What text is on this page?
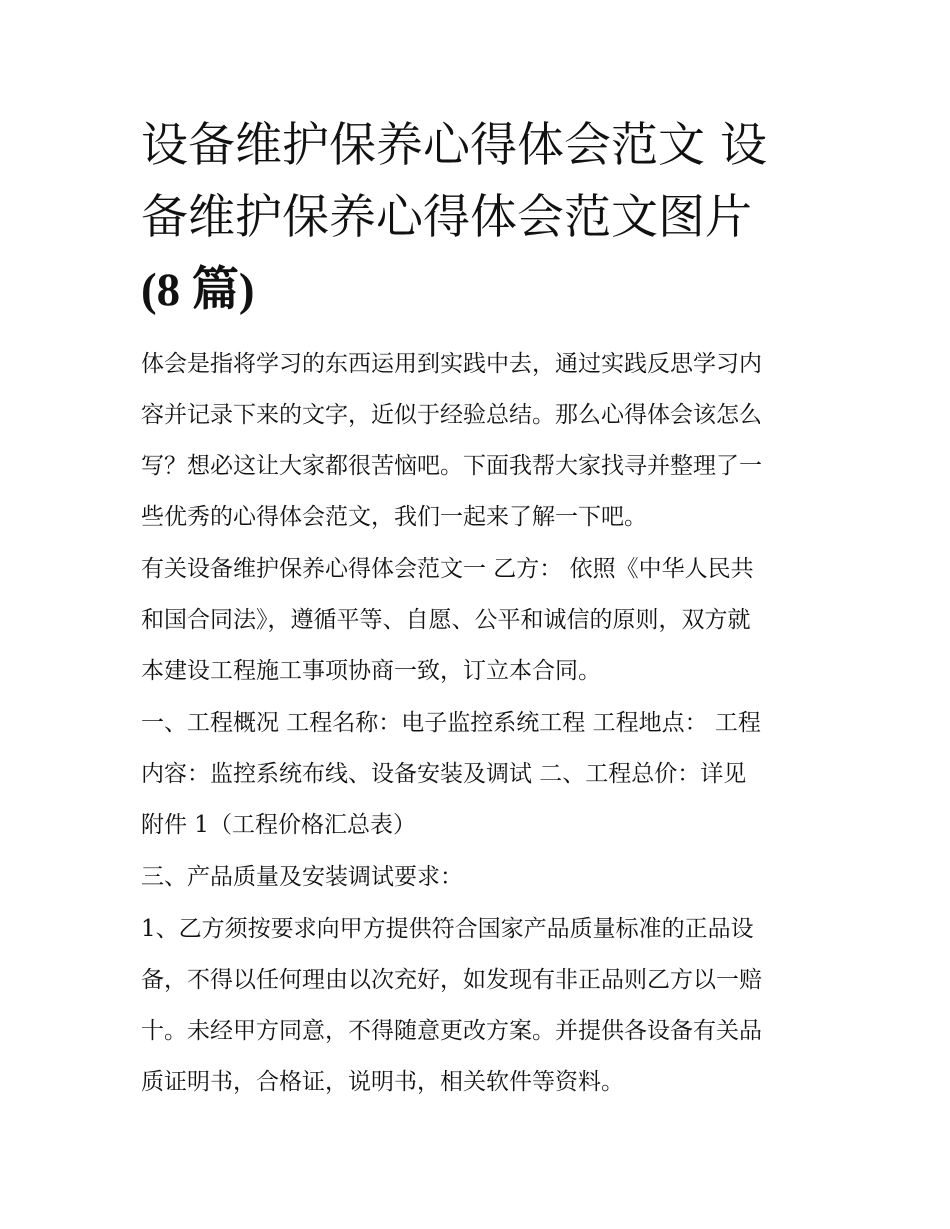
设备维护保养心得体会范文 设
备维护保养心得体会范文图片
(8 篇)

体会是指将学习的东西运用到实践中去，通过实践反思学习内
容并记录下来的文字，近似于经验总结。那么心得体会该怎么
写？想必这让大家都很苦恼吧。下面我帮大家找寻并整理了一
些优秀的心得体会范文，我们一起来了解一下吧。

有关设备维护保养心得体会范文一 乙方： 依照《中华人民共
和国合同法》，遵循平等、自愿、公平和诚信的原则，双方就
本建设工程施工事项协商一致，订立本合同。

一、工程概况 工程名称：电子监控系统工程 工程地点： 工程
内容：监控系统布线、设备安装及调试 二、工程总价：详见
附件 1（工程价格汇总表）

三、产品质量及安装调试要求：

1、乙方须按要求向甲方提供符合国家产品质量标准的正品设
备，不得以任何理由以次充好，如发现有非正品则乙方以一赔
十。未经甲方同意，不得随意更改方案。并提供各设备有关品
质证明书，合格证，说明书，相关软件等资料。
